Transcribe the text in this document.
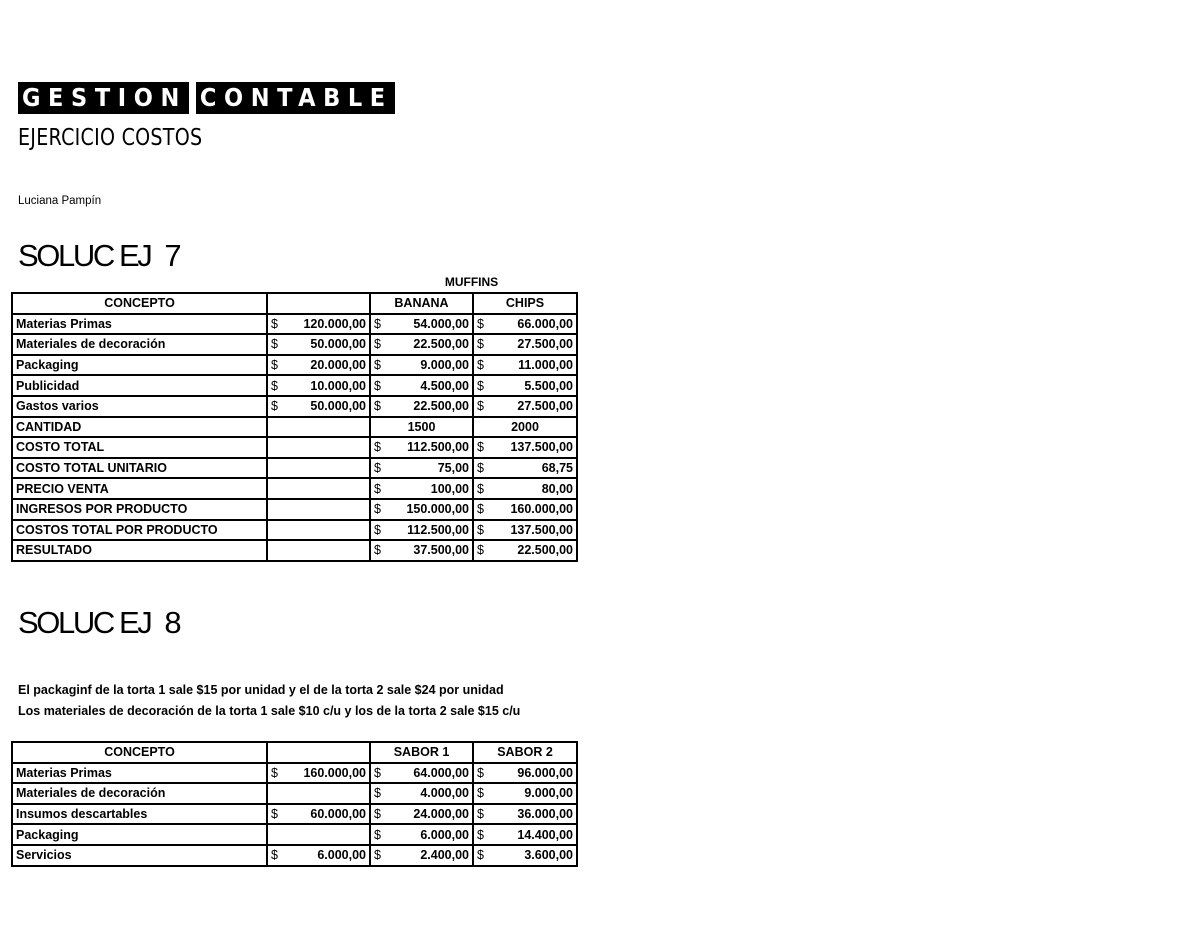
GESTION CONTABLE
EJERCICIO COSTOS
Luciana Pampín
SOLUC EJ 7
MUFFINS
CONCEPTO		BANANA	CHIPS
Materias Primas	$ 120.000,00	$ 54.000,00	$ 66.000,00

Materiales de decoración	$ 50.000,00	$ 22.500,00	$ 27.500,00

Packaging	$ 20.000,00	$ 9.000,00	$ 11.000,00

Publicidad	$ 10.000,00	$ 4.500,00	$ 5.500,00

Gastos varios	$ 50.000,00	$ 22.500,00	$ 27.500,00

CANTIDAD		1500	2000
COSTO TOTAL		$ 112.500,00	$ 137.500,00

COSTO TOTAL UNITARIO		$ 75,00	$ 68,75

PRECIO VENTA		$ 100,00	$ 80,00

INGRESOS POR PRODUCTO		$ 150.000,00	$ 160.000,00

COSTOS TOTAL POR PRODUCTO		$ 112.500,00	$ 137.500,00

RESULTADO		$ 37.500,00	$ 22.500,00
SOLUC EJ 8
El packaginf de la torta 1 sale $15 por unidad y el de la torta 2 sale $24 por unidad
Los materiales de decoración de la torta 1 sale $10 c/u y los de la torta 2 sale $15 c/u
CONCEPTO		SABOR 1	SABOR 2
Materias Primas	$ 160.000,00	$ 64.000,00	$ 96.000,00

Materiales de decoración		$ 4.000,00	$ 9.000,00

Insumos descartables	$ 60.000,00	$ 24.000,00	$ 36.000,00

Packaging		$ 6.000,00	$ 14.400,00

Servicios	$ 6.000,00	$ 2.400,00	$ 3.600,00
